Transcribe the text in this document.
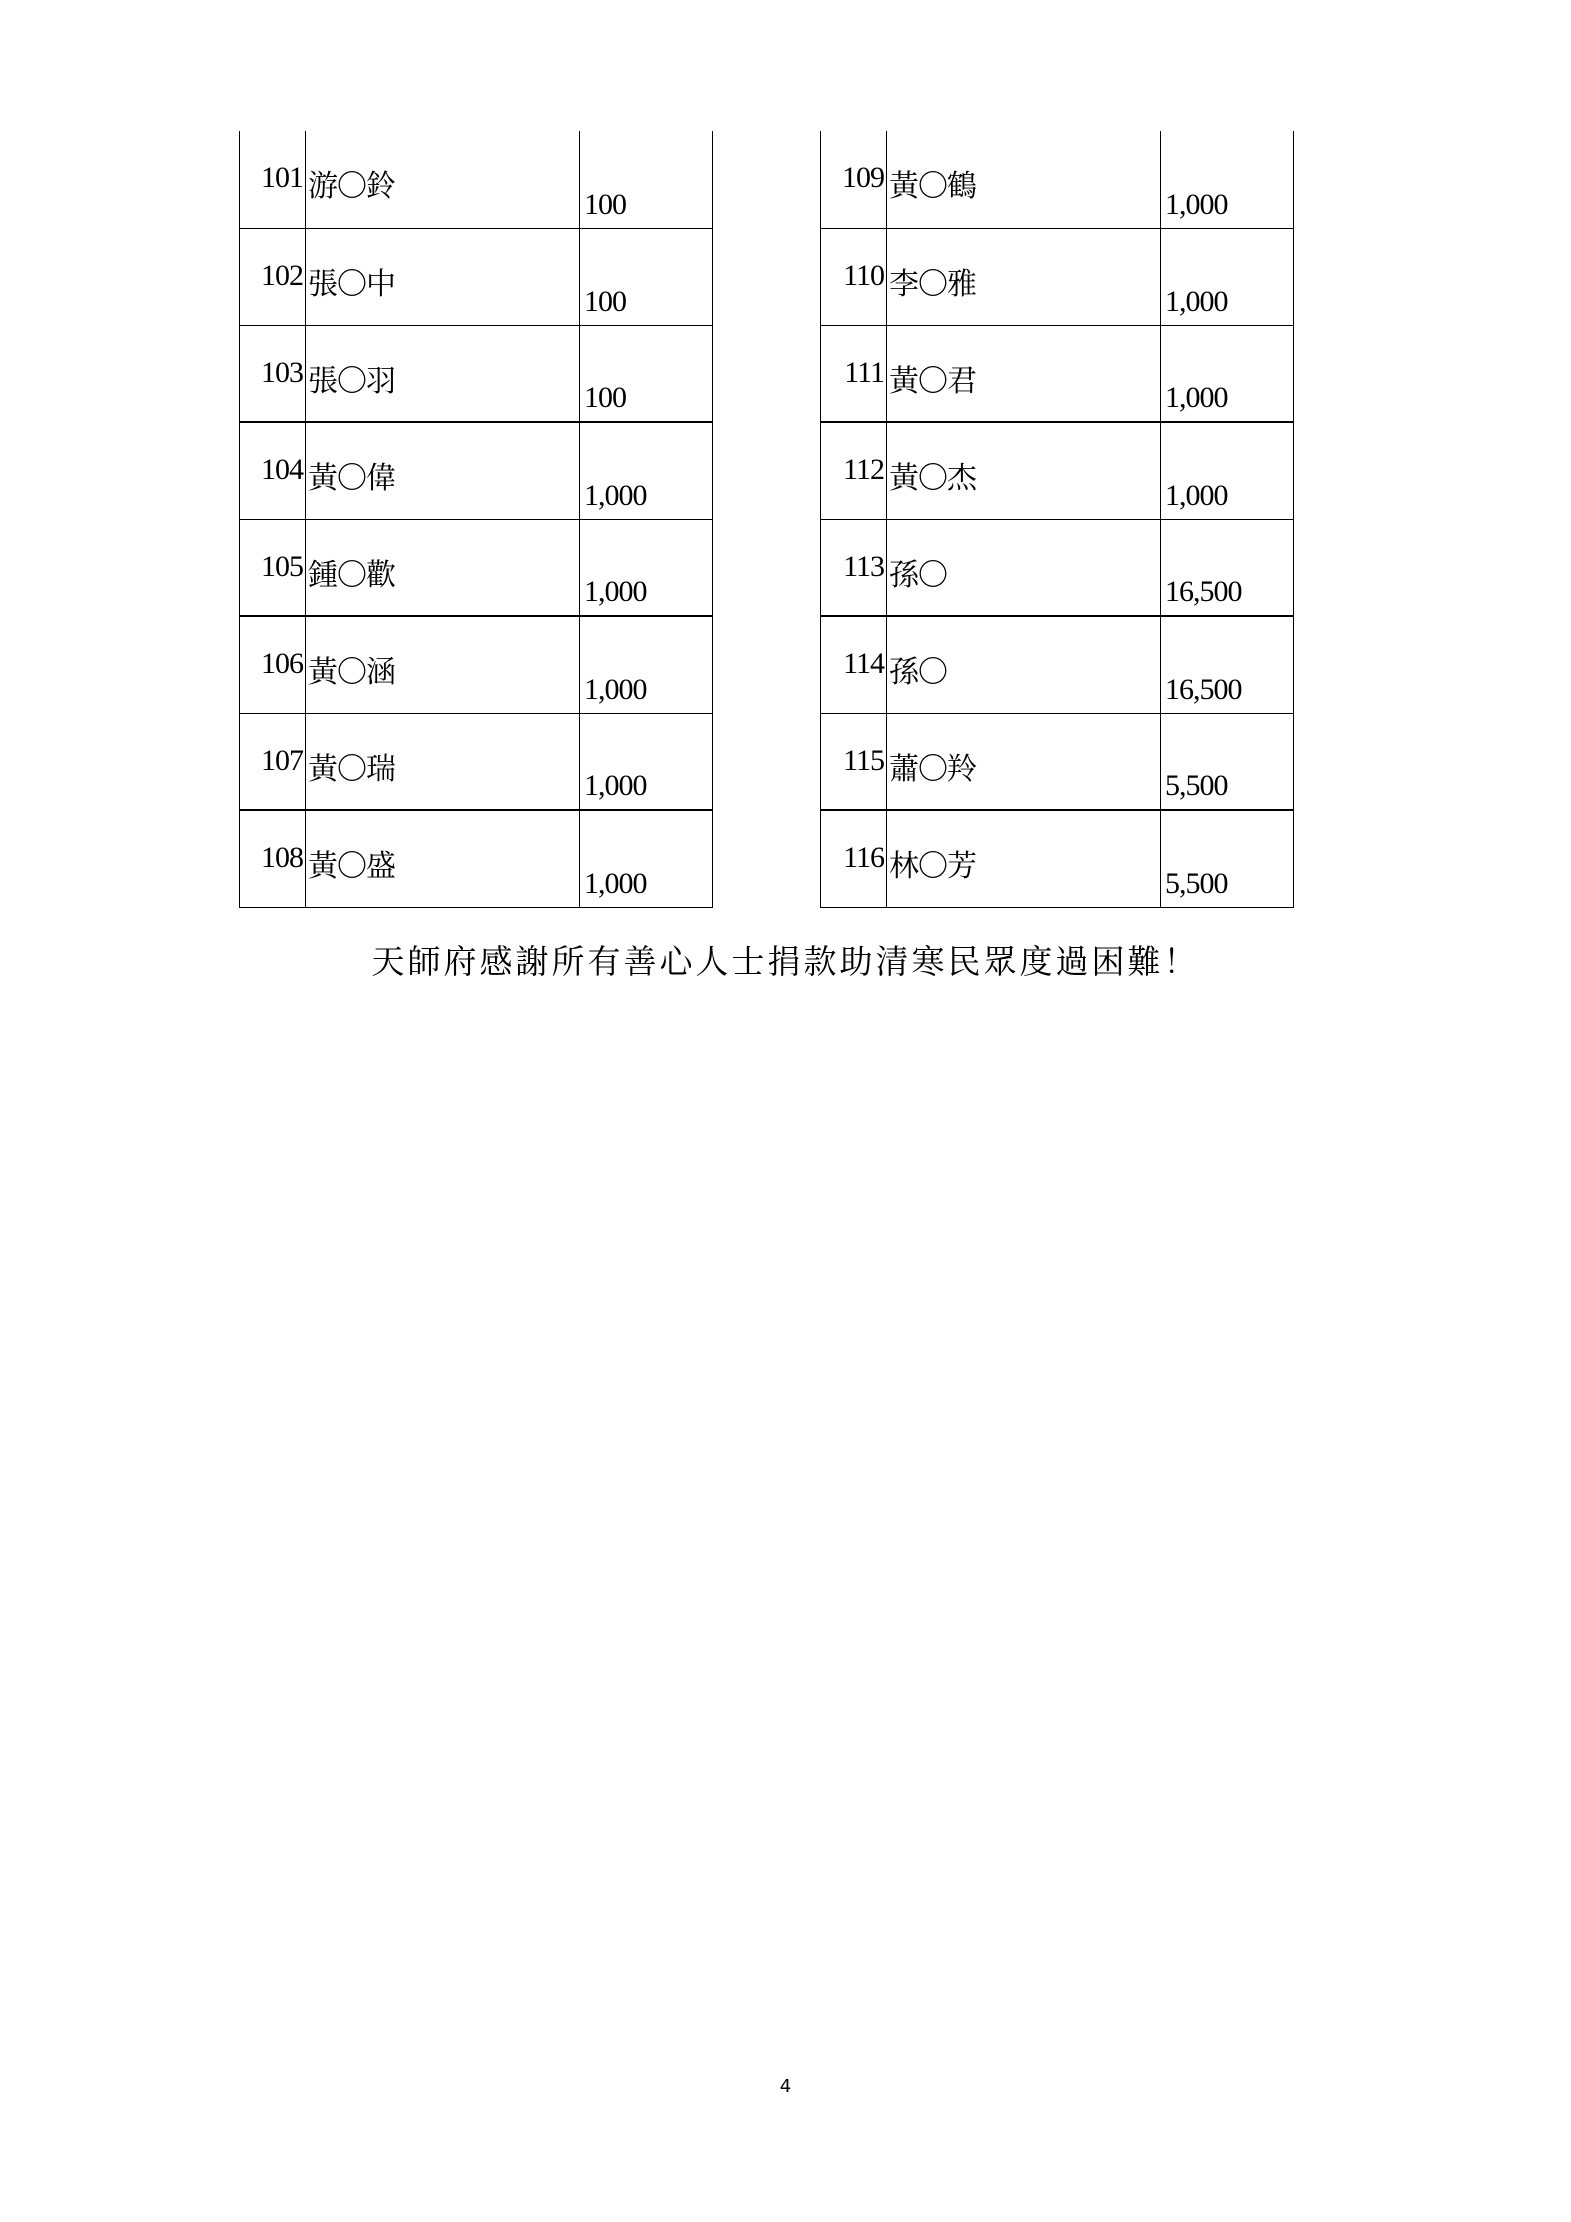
101	游〇鈴	100
102	張〇中	100
103	張〇羽	100
104	黃〇偉	1,000
105	鍾〇歡	1,000
106	黃〇涵	1,000
107	黃〇瑞	1,000
108	黃〇盛	1,000
109	黃〇鶴	1,000
110	李〇雅	1,000
111	黃〇君	1,000
112	黃〇杰	1,000
113	孫〇	16,500
114	孫〇	16,500
115	蕭〇羚	5,500
116	林〇芳	5,500
天師府感謝所有善心人士捐款助清寒民眾度過困難！
4
